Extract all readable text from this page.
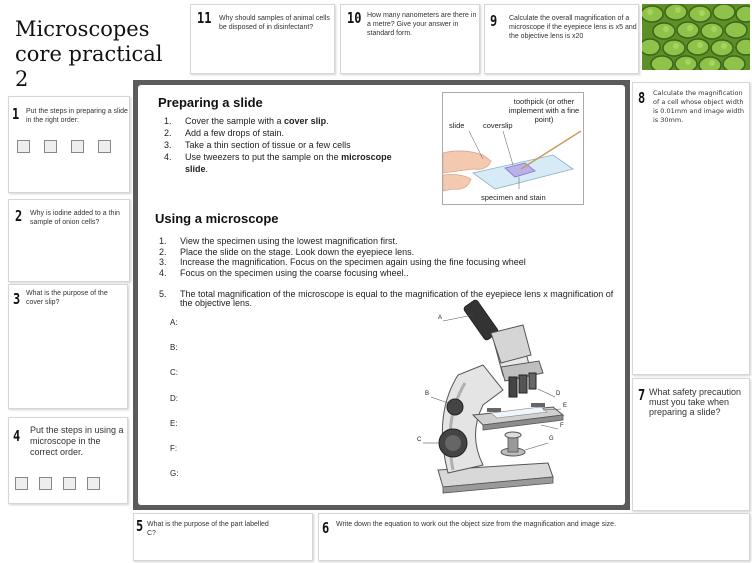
Microscopes core practical 2
11 Why should samples of animal cells be disposed of in disinfectant?
10 How many nanometers are there in a metre? Give your answer in standard form.
9 Calculate the overall magnification of a microscope if the eyepiece lens is x5 and the objective lens is x20
8 Calculate the magnification of a cell whose object width is 0.01mm and image width is 30mm.
7 What safety precaution must you take when preparing a slide?
1 Put the steps in preparing a slide in the right order:
2 Why is iodine added to a thin sample of onion cells?
3 What is the purpose of the cover slip?
4 Put the steps in using a microscope in the correct order.
5 What is the purpose of the part labelled C?	6 Write down the equation to work out the object size from the magnification and image size.
Preparing a slide
1. Cover the sample with a cover slip.
2. Add a few drops of stain.
3. Take a thin section of tissue or a few cells
4. Use tweezers to put the sample on the microscope slide.
toothpick (or other implement with a fine point)
slide coverslip
specimen and stain
Using a microscope
1. View the specimen using the lowest magnification first.
2. Place the slide on the stage. Look down the eyepiece lens.
3. Increase the magnification. Focus on the specimen again using the fine focusing wheel
4. Focus on the specimen using the coarse focusing wheel..
5. The total magnification of the microscope is equal to the magnification of the eyepiece lens x magnification of the objective lens.
A:
B:
C:
D:
E:
F:
G:
A
B
C
D
E
F
G
